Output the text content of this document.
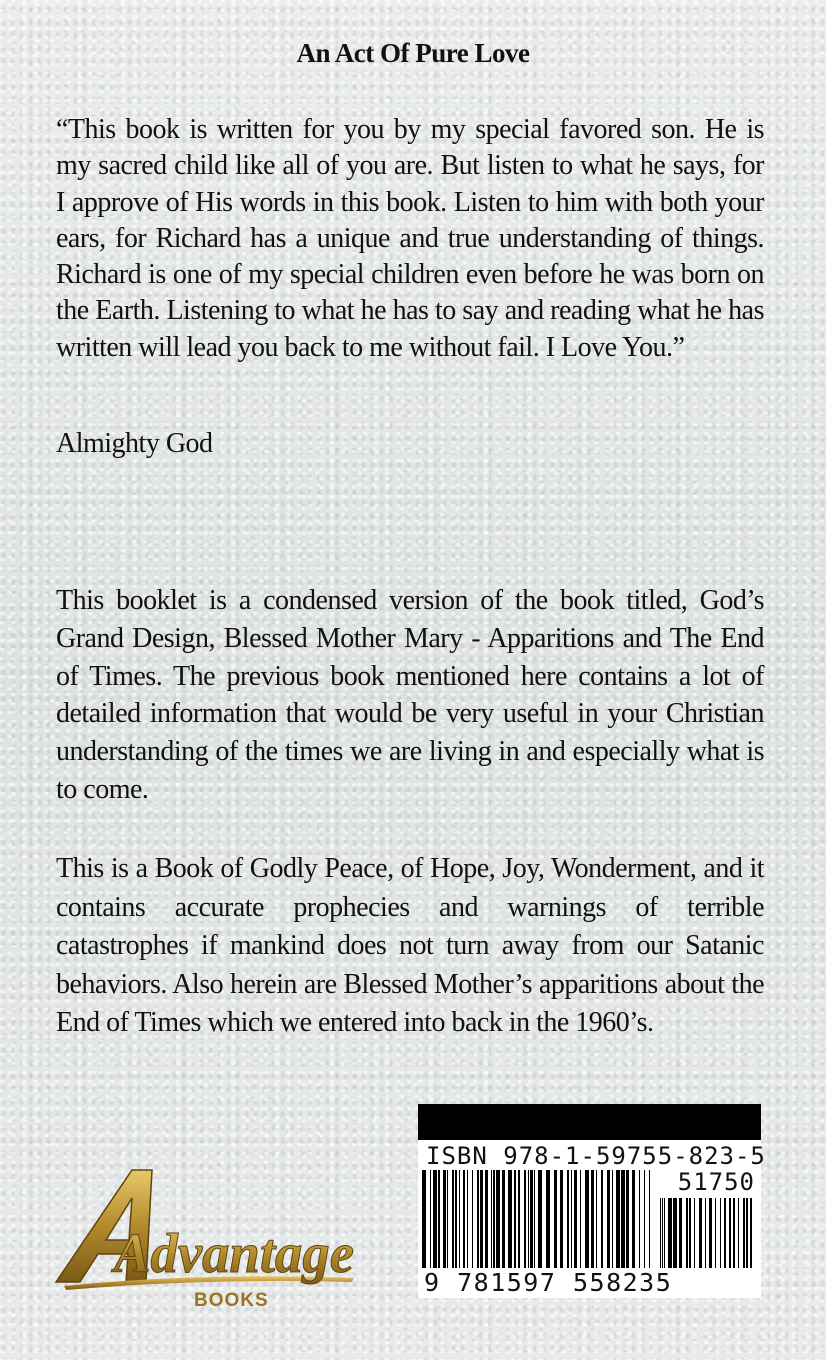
An Act Of Pure Love
“This book is written for you by my special favored son. He is my sacred child like all of you are. But listen to what he says, for I approve of His words in this book. Listen to him with both your ears, for Richard has a unique and true understanding of things. Richard is one of my special children even before he was born on the Earth. Listening to what he has to say and reading what he has written will lead you back to me without fail. I Love You.”
Almighty God
This booklet is a condensed version of the book titled, God’s Grand Design, Blessed Mother Mary - Apparitions and The End of Times. The previous book mentioned here contains a lot of detailed information that would be very useful in your Christian understanding of the times we are living in and especially what is to come.
This is a Book of Godly Peace, of Hope, Joy, Wonderment, and it contains accurate prophecies and warnings of terrible catastrophes if mankind does not turn away from our Satanic behaviors. Also herein are Blessed Mother’s apparitions about the End of Times which we entered into back in the 1960’s.
Advantage
BOOKS
ISBN 978-1-59755-823-5
51750
9 781597 558235
